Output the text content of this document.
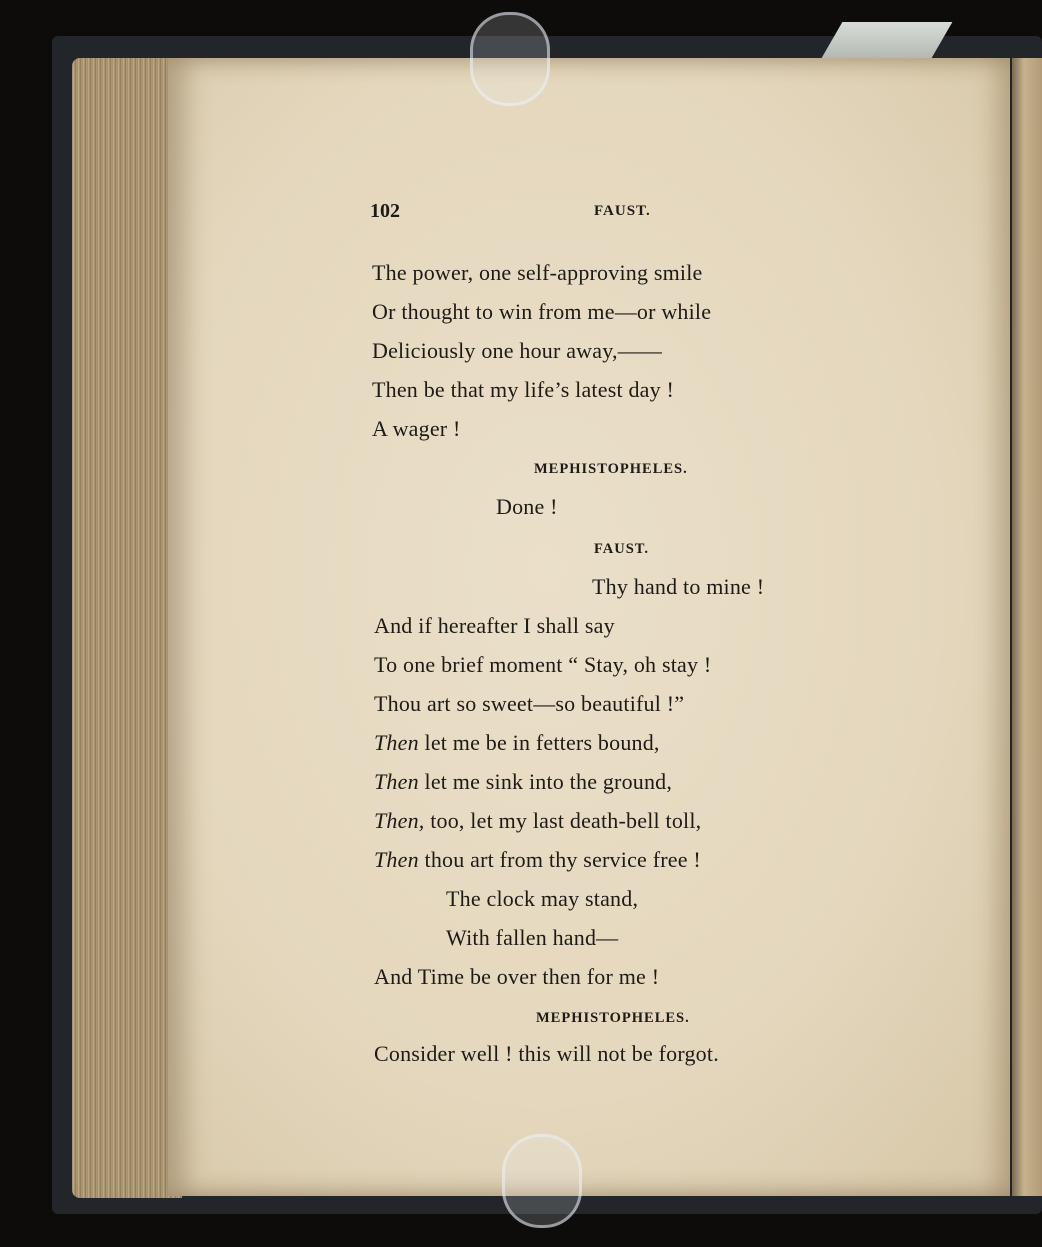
102	FAUST.
The power, one self-approving smile
Or thought to win from me—or while
Deliciously one hour away,——
Then be that my life’s latest day !
A wager !
MEPHISTOPHELES.
Done !
FAUST.
Thy hand to mine !
And if hereafter I shall say
To one brief moment “ Stay, oh stay !
Thou art so sweet—so beautiful !”
Then let me be in fetters bound,
Then let me sink into the ground,
Then, too, let my last death-bell toll,
Then thou art from thy service free !
The clock may stand,
With fallen hand—
And Time be over then for me !
MEPHISTOPHELES.
Consider well ! this will not be forgot.
